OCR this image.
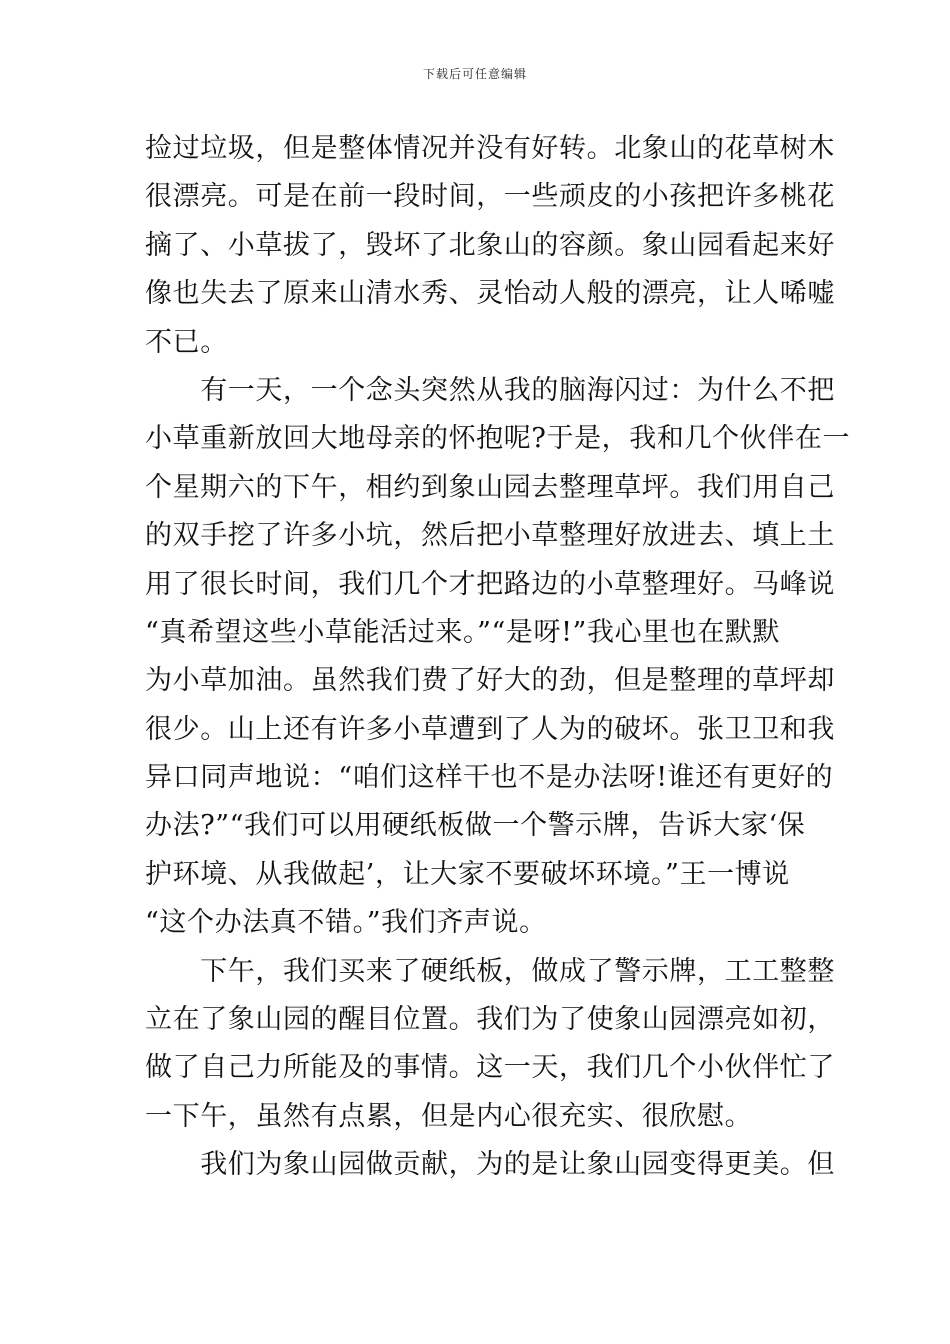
下载后可任意编辑
捡过垃圾，但是整体情况并没有好转。北象山的花草树木
很漂亮。可是在前一段时间，一些顽皮的小孩把许多桃花
摘了、小草拔了，毁坏了北象山的容颜。象山园看起来好
像也失去了原来山清水秀、灵怡动人般的漂亮，让人唏嘘
不已。
　　有一天，一个念头突然从我的脑海闪过：为什么不把
小草重新放回大地母亲的怀抱呢?于是，我和几个伙伴在一
个星期六的下午，相约到象山园去整理草坪。我们用自己
的双手挖了许多小坑，然后把小草整理好放进去、填上土
用了很长时间，我们几个才把路边的小草整理好。马峰说
“真希望这些小草能活过来。”“是呀!”我心里也在默默
为小草加油。虽然我们费了好大的劲，但是整理的草坪却
很少。山上还有许多小草遭到了人为的破坏。张卫卫和我
异口同声地说：“咱们这样干也不是办法呀!谁还有更好的
办法?”“我们可以用硬纸板做一个警示牌，告诉大家‘保
护环境、从我做起’，让大家不要破坏环境。”王一博说
“这个办法真不错。”我们齐声说。
　　下午，我们买来了硬纸板，做成了警示牌，工工整整
立在了象山园的醒目位置。我们为了使象山园漂亮如初，
做了自己力所能及的事情。这一天，我们几个小伙伴忙了
一下午，虽然有点累，但是内心很充实、很欣慰。
　　我们为象山园做贡献，为的是让象山园变得更美。但
